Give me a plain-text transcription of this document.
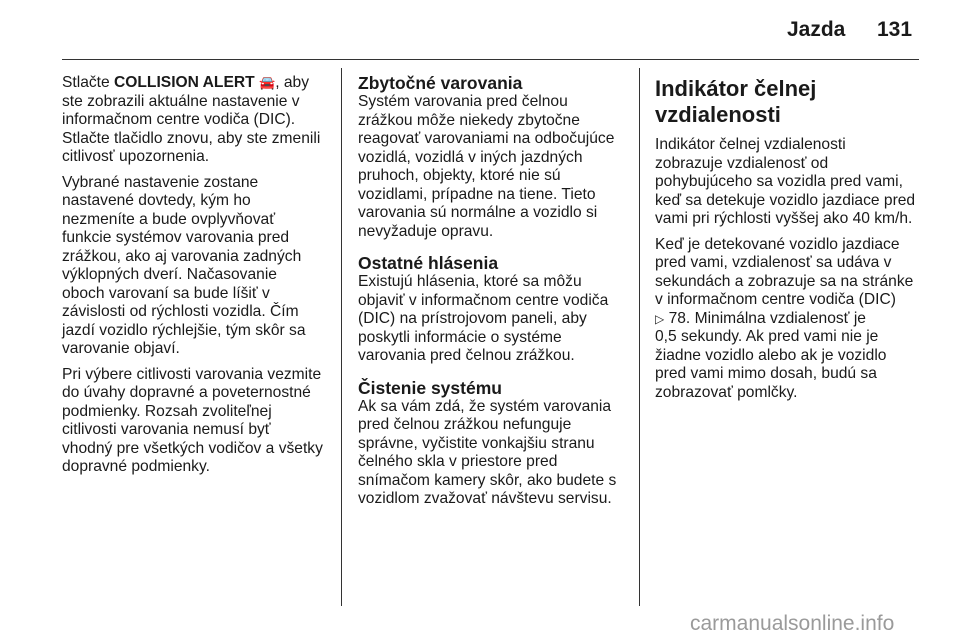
Jazda 131

Stlačte COLLISION ALERT 🚘, aby
ste zobrazili aktuálne nastavenie v
informačnom centre vodiča (DIC).
Stlačte tlačidlo znovu, aby ste zmenili
citlivosť upozornenia.

Vybrané nastavenie zostane
nastavené dovtedy, kým ho
nezmeníte a bude ovplyvňovať
funkcie systémov varovania pred
zrážkou, ako aj varovania zadných
výklopných dverí. Načasovanie
oboch varovaní sa bude líšiť v
závislosti od rýchlosti vozidla. Čím
jazdí vozidlo rýchlejšie, tým skôr sa
varovanie objaví.

Pri výbere citlivosti varovania vezmite
do úvahy dopravné a poveternostné
podmienky. Rozsah zvoliteľnej
citlivosti varovania nemusí byť
vhodný pre všetkých vodičov a všetky
dopravné podmienky.

Zbytočné varovania
Systém varovania pred čelnou
zrážkou môže niekedy zbytočne
reagovať varovaniami na odbočujúce
vozidlá, vozidlá v iných jazdných
pruhoch, objekty, ktoré nie sú
vozidlami, prípadne na tiene. Tieto
varovania sú normálne a vozidlo si
nevyžaduje opravu.
Ostatné hlásenia
Existujú hlásenia, ktoré sa môžu
objaviť v informačnom centre vodiča
(DIC) na prístrojovom paneli, aby
poskytli informácie o systéme
varovania pred čelnou zrážkou.
Čistenie systému
Ak sa vám zdá, že systém varovania
pred čelnou zrážkou nefunguje
správne, vyčistite vonkajšiu stranu
čelného skla v priestore pred
snímačom kamery skôr, ako budete s
vozidlom zvažovať návštevu servisu.
Indikátor čelnej
vzdialenosti

Indikátor čelnej vzdialenosti
zobrazuje vzdialenosť od
pohybujúceho sa vozidla pred vami,
keď sa detekuje vozidlo jazdiace pred
vami pri rýchlosti vyššej ako 40 km/h.

Keď je detekované vozidlo jazdiace
pred vami, vzdialenosť sa udáva v
sekundách a zobrazuje sa na stránke
v informačnom centre vodiča (DIC)
▷ 78. Minimálna vzdialenosť je
0,5 sekundy. Ak pred vami nie je
žiadne vozidlo alebo ak je vozidlo
pred vami mimo dosah, budú sa
zobrazovať pomlčky.

carmanualsonline.info
